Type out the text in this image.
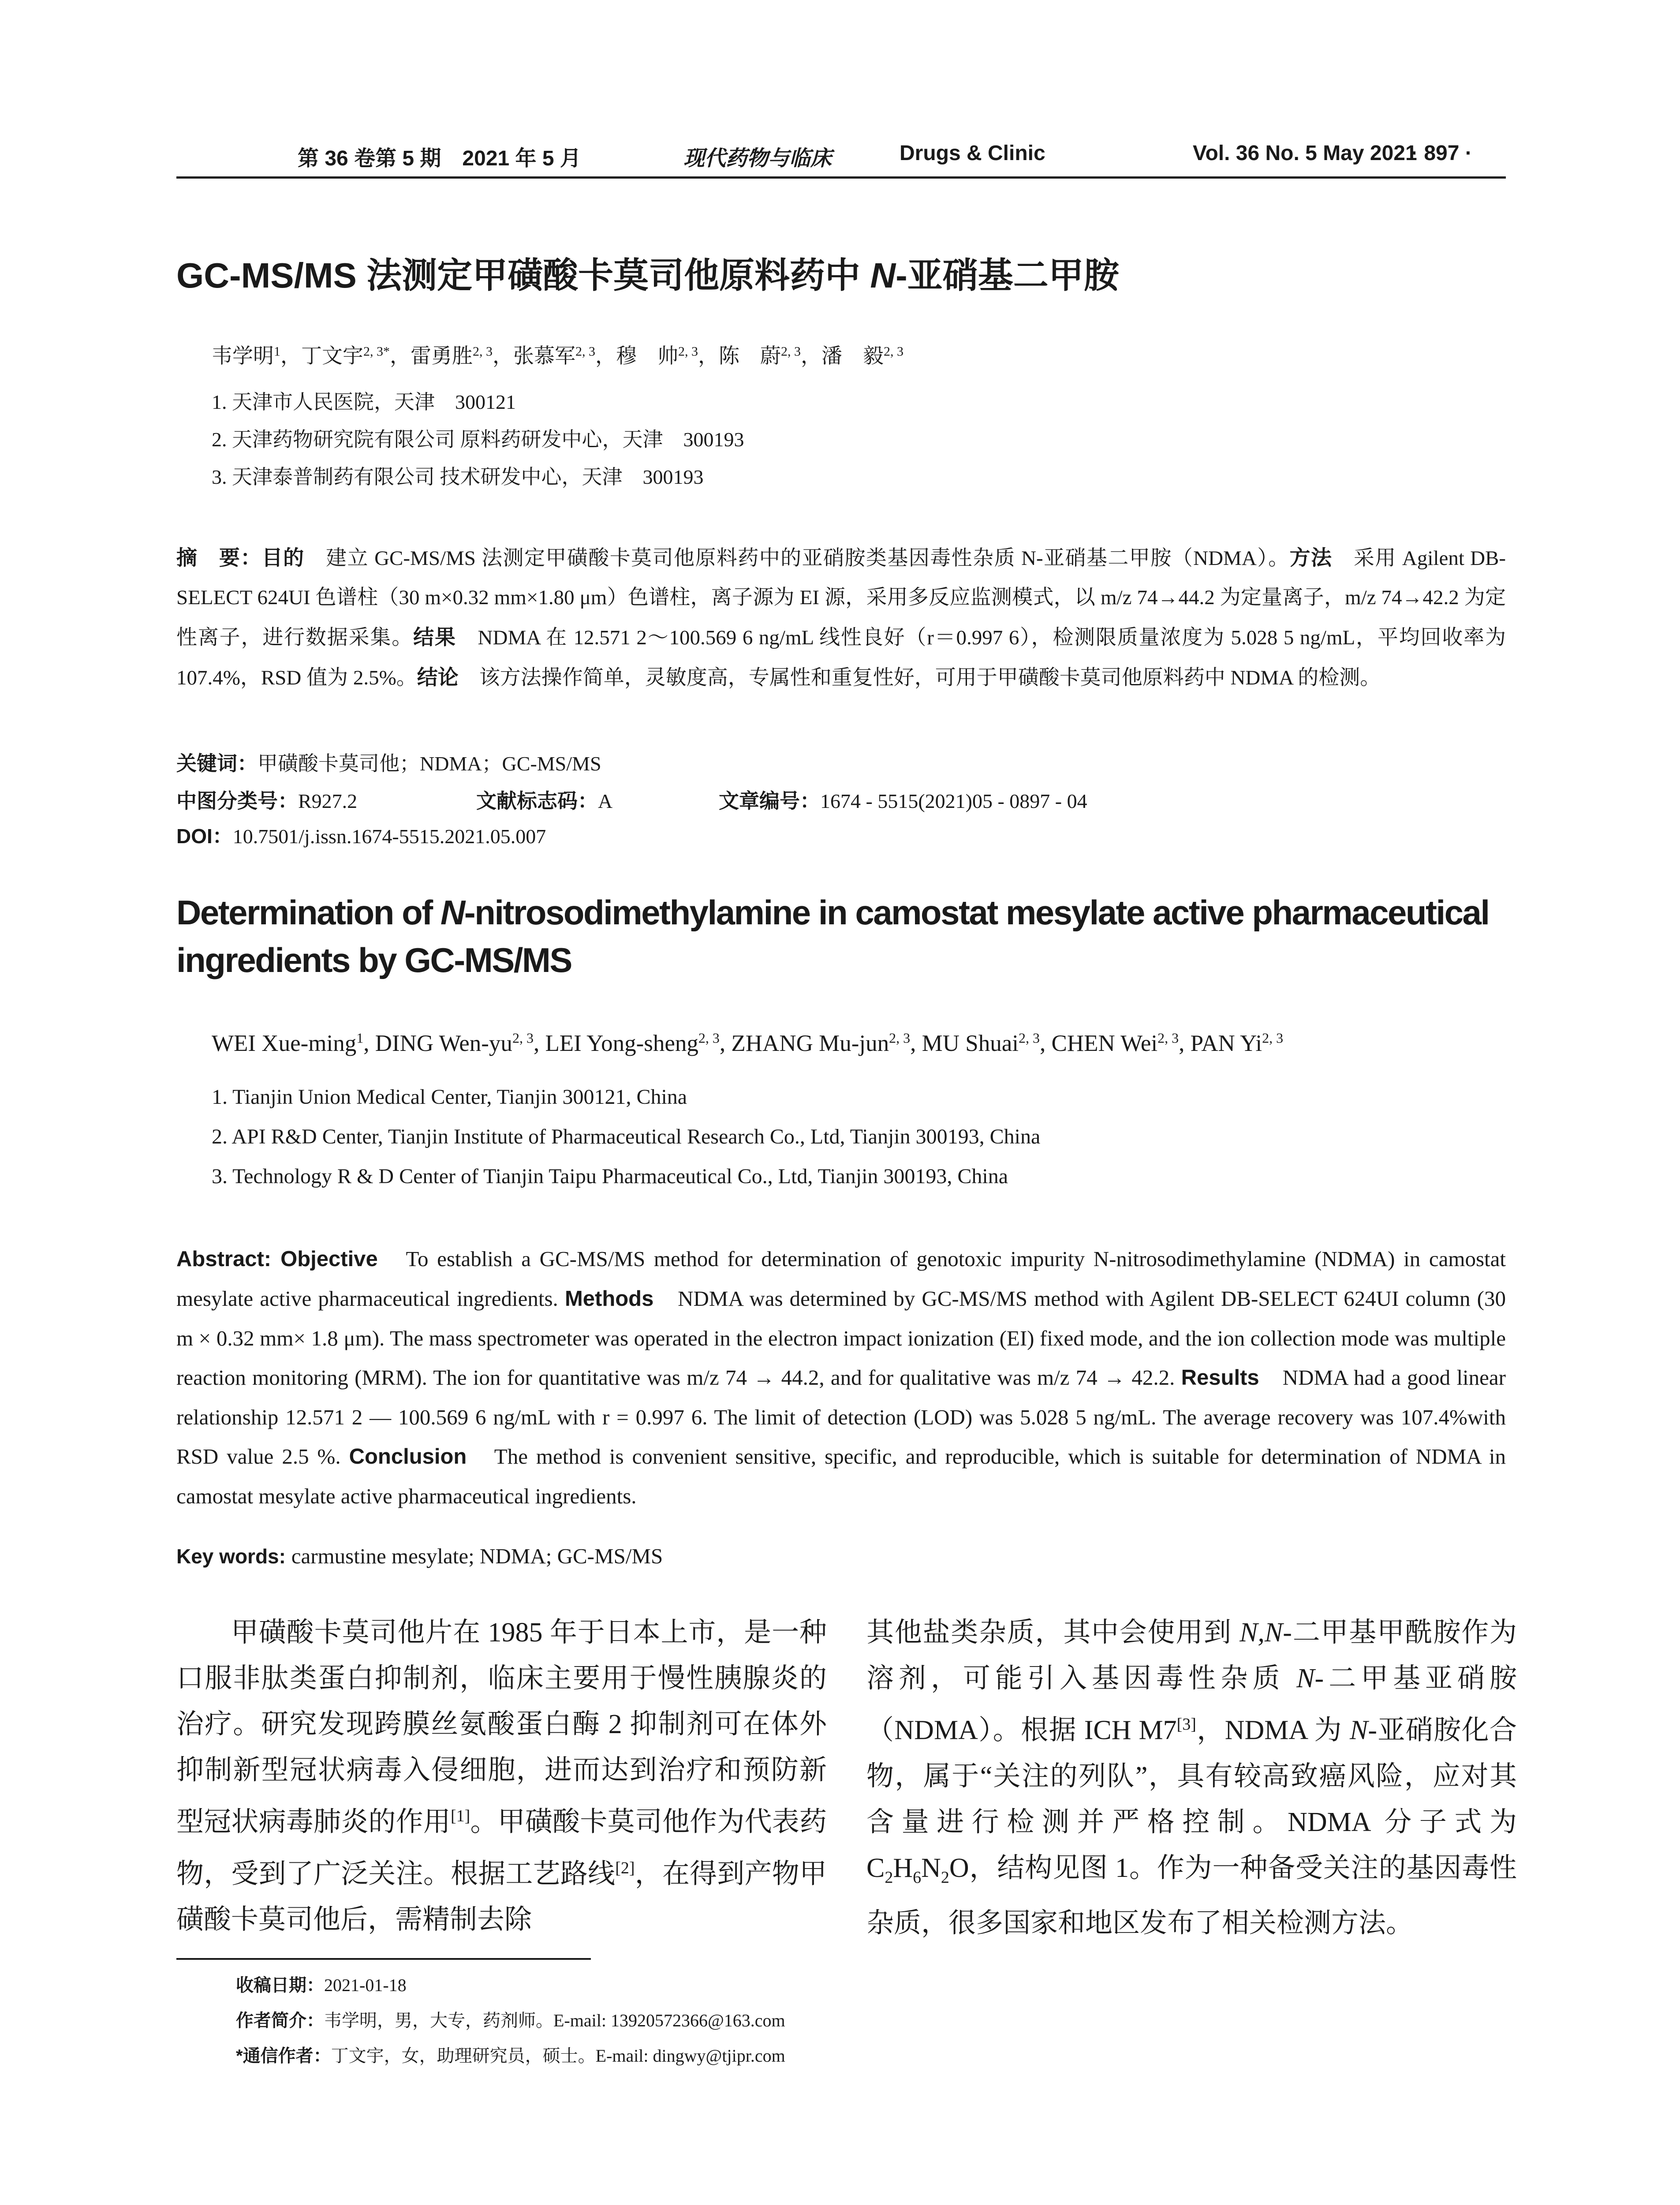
第 36 卷第 5 期　2021 年 5 月	现代药物与临床	Drugs & Clinic	Vol. 36 No. 5 May 2021
· 897 ·
GC-MS/MS 法测定甲磺酸卡莫司他原料药中 N-亚硝基二甲胺
韦学明$^1$，丁文宇$^{2, 3*}$，雷勇胜$^{2, 3}$，张慕军$^{2, 3}$，穆　帅$^{2, 3}$，陈　蔚$^{2, 3}$，潘　毅$^{2, 3}$
1. 天津市人民医院，天津　300121
2. 天津药物研究院有限公司 原料药研发中心，天津　300193
3. 天津泰普制药有限公司 技术研发中心，天津　300193
摘　要：目的　建立 GC-MS/MS 法测定甲磺酸卡莫司他原料药中的亚硝胺类基因毒性杂质 N-亚硝基二甲胺（NDMA）。方法　采用 Agilent DB-SELECT 624UI 色谱柱（30 m×0.32 mm×1.80 μm）色谱柱，离子源为 EI 源，采用多反应监测模式，以 m/z 74→44.2 为定量离子，m/z 74→42.2 为定性离子，进行数据采集。结果　NDMA 在 12.571 2～100.569 6 ng/mL 线性良好（r＝0.997 6），检测限质量浓度为 5.028 5 ng/mL，平均回收率为 107.4%，RSD 值为 2.5%。结论　该方法操作简单，灵敏度高，专属性和重复性好，可用于甲磺酸卡莫司他原料药中 NDMA 的检测。
关键词：甲磺酸卡莫司他；NDMA；GC-MS/MS
中图分类号：R927.2	文献标志码：A	文章编号：1674 - 5515(2021)05 - 0897 - 04
DOI：10.7501/j.issn.1674-5515.2021.05.007
Determination of N-nitrosodimethylamine in camostat mesylate active pharmaceutical ingredients by GC-MS/MS
WEI Xue-ming$^1$, DING Wen-yu$^{2, 3}$, LEI Yong-sheng$^{2, 3}$, ZHANG Mu-jun$^{2, 3}$, MU Shuai$^{2, 3}$, CHEN Wei$^{2, 3}$, PAN Yi$^{2, 3}$
1. Tianjin Union Medical Center, Tianjin 300121, China
2. API R&D Center, Tianjin Institute of Pharmaceutical Research Co., Ltd, Tianjin 300193, China
3. Technology R & D Center of Tianjin Taipu Pharmaceutical Co., Ltd, Tianjin 300193, China
Abstract: Objective　To establish a GC-MS/MS method for determination of genotoxic impurity N-nitrosodimethylamine (NDMA) in camostat mesylate active pharmaceutical ingredients. Methods　NDMA was determined by GC-MS/MS method with Agilent DB-SELECT 624UI column (30 m × 0.32 mm× 1.8 μm). The mass spectrometer was operated in the electron impact ionization (EI) fixed mode, and the ion collection mode was multiple reaction monitoring (MRM). The ion for quantitative was m/z 74 → 44.2, and for qualitative was m/z 74 → 42.2. Results　NDMA had a good linear relationship 12.571 2 — 100.569 6 ng/mL with r = 0.997 6. The limit of detection (LOD) was 5.028 5 ng/mL. The average recovery was 107.4%with RSD value 2.5 %. Conclusion　The method is convenient sensitive, specific, and reproducible, which is suitable for determination of NDMA in camostat mesylate active pharmaceutical ingredients.
Key words: carmustine mesylate; NDMA; GC-MS/MS

甲磺酸卡莫司他片在 1985 年于日本上市，是一种口服非肽类蛋白抑制剂，临床主要用于慢性胰腺炎的治疗。研究发现跨膜丝氨酸蛋白酶 2 抑制剂可在体外抑制新型冠状病毒入侵细胞，进而达到治疗和预防新型冠状病毒肺炎的作用[1]。甲磺酸卡莫司他作为代表药物，受到了广泛关注。根据工艺路线[2]，在得到产物甲磺酸卡莫司他后，需精制去除

其他盐类杂质，其中会使用到 N,N-二甲基甲酰胺作为溶剂，可能引入基因毒性杂质 N-二甲基亚硝胺（NDMA）。根据 ICH M7[3]，NDMA 为 N-亚硝胺化合物，属于“关注的列队”，具有较高致癌风险，应对其含量进行检测并严格控制。NDMA 分子式为 $C_2H_6N_2O$，结构见图 1。作为一种备受关注的基因毒性杂质，很多国家和地区发布了相关检测方法。

收稿日期：2021-01-18
作者简介：韦学明，男，大专，药剂师。E-mail: 13920572366@163.com
*通信作者：丁文宇，女，助理研究员，硕士。E-mail: dingwy@tjipr.com
